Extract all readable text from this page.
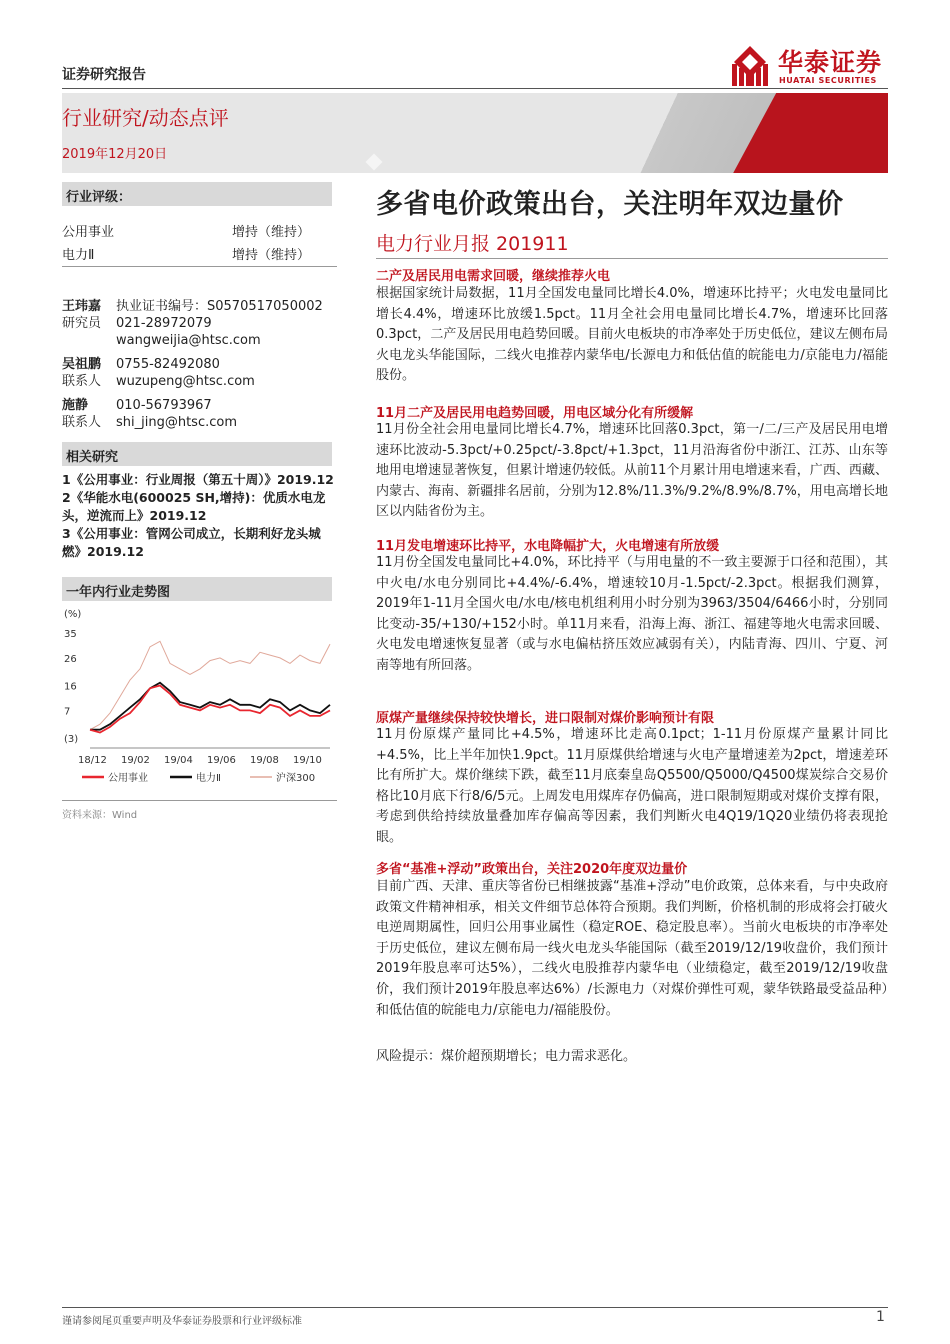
证券研究报告
行业研究/动态点评
2019年12月20日
华泰证券
HUATAI SECURITIES
行业评级：
公用事业	增持（维持）
电力Ⅱ	增持（维持）
王玮嘉 执业证书编号：S0570517050002
研究员 021-28972079
wangweijia@htsc.com
吴祖鹏 0755-82492080
联系人 wuzupeng@htsc.com
施静 010-56793967
联系人 shi_jing@htsc.com
相关研究
1《公用事业：行业周报（第五十周）》2019.12
2《华能水电(600025 SH,增持)：优质水电龙头，逆流而上》2019.12
3《公用事业：管网公司成立，长期利好龙头城燃》2019.12
一年内行业走势图
(%)
35
26
16
7
(3)
18/12 19/02 19/04 19/06 19/08 19/10
公用事业	电力Ⅱ	沪深300
资料来源：Wind
多省电价政策出台，关注明年双边量价
电力行业月报 201911
二产及居民用电需求回暖，继续推荐火电
根据国家统计局数据，11月全国发电量同比增长4.0%，增速环比持平；火电发电量同比增长4.4%，增速环比放缓1.5pct。11月全社会用电量同比增长4.7%，增速环比回落0.3pct，二产及居民用电趋势回暖。目前火电板块的市净率处于历史低位，建议左侧布局火电龙头华能国际，二线火电推荐内蒙华电/长源电力和低估值的皖能电力/京能电力/福能股份。
11月二产及居民用电趋势回暖，用电区域分化有所缓解
11月份全社会用电量同比增长4.7%，增速环比回落0.3pct，第一/二/三产及居民用电增速环比波动-5.3pct/+0.25pct/-3.8pct/+1.3pct，11月沿海省份中浙江、江苏、山东等地用电增速显著恢复，但累计增速仍较低。从前11个月累计用电增速来看，广西、西藏、内蒙古、海南、新疆排名居前，分别为12.8%/11.3%/9.2%/8.9%/8.7%，用电高增长地区以内陆省份为主。
11月发电增速环比持平，水电降幅扩大，火电增速有所放缓
11月份全国发电量同比+4.0%，环比持平（与用电量的不一致主要源于口径和范围），其中火电/水电分别同比+4.4%/-6.4%，增速较10月-1.5pct/-2.3pct。根据我们测算，2019年1-11月全国火电/水电/核电机组利用小时分别为3963/3504/6466小时，分别同比变动-35/+130/+152小时。单11月来看，沿海上海、浙江、福建等地火电需求回暖、火电发电增速恢复显著（或与水电偏枯挤压效应减弱有关），内陆青海、四川、宁夏、河南等地有所回落。
原煤产量继续保持较快增长，进口限制对煤价影响预计有限
11月份原煤产量同比+4.5%，增速环比走高0.1pct；1-11月份原煤产量累计同比+4.5%，比上半年加快1.9pct。11月原煤供给增速与火电产量增速差为2pct，增速差环比有所扩大。煤价继续下跌，截至11月底秦皇岛Q5500/Q5000/Q4500煤炭综合交易价格比10月底下行8/6/5元。上周发电用煤库存仍偏高，进口限制短期或对煤价支撑有限，考虑到供给持续放量叠加库存偏高等因素，我们判断火电4Q19/1Q20业绩仍将表现抢眼。
多省“基准+浮动”政策出台，关注2020年度双边量价
目前广西、天津、重庆等省份已相继披露“基准+浮动”电价政策，总体来看，与中央政府政策文件精神相承，相关文件细节总体符合预期。我们判断，价格机制的形成将会打破火电逆周期属性，回归公用事业属性（稳定ROE、稳定股息率）。当前火电板块的市净率处于历史低位，建议左侧布局一线火电龙头华能国际（截至2019/12/19收盘价，我们预计2019年股息率可达5%），二线火电股推荐内蒙华电（业绩稳定，截至2019/12/19收盘价，我们预计2019年股息率达6%）/长源电力（对煤价弹性可观，蒙华铁路最受益品种）和低估值的皖能电力/京能电力/福能股份。
风险提示：煤价超预期增长；电力需求恶化。
谨请参阅尾页重要声明及华泰证券股票和行业评级标准	1
